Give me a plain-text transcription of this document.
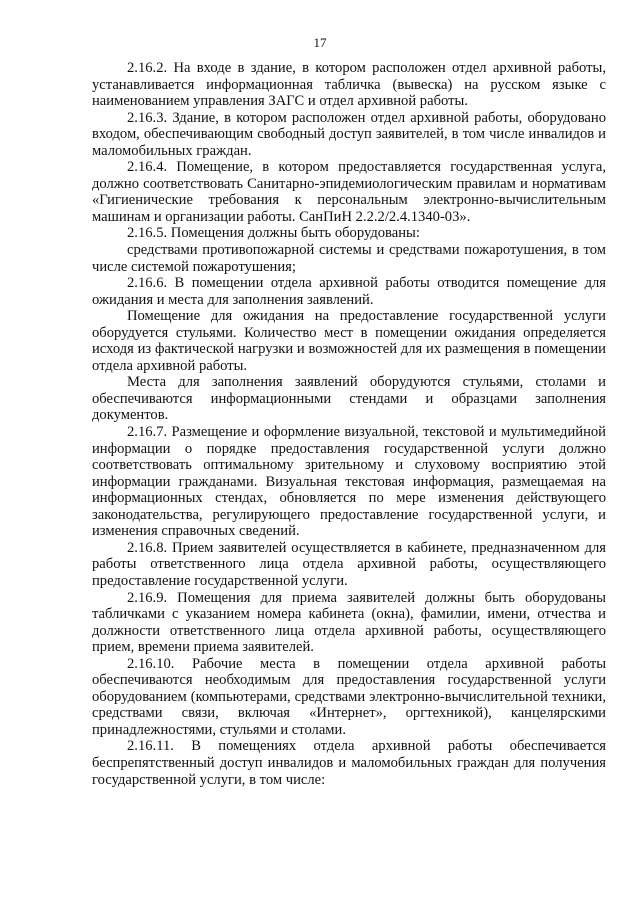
17

2.16.2. На входе в здание, в котором расположен отдел архивной работы, устанавливается информационная табличка (вывеска) на русском языке с наименованием управления ЗАГС и отдел архивной работы.

2.16.3. Здание, в котором расположен отдел архивной работы, оборудовано входом, обеспечивающим свободный доступ заявителей, в том числе инвалидов и маломобильных граждан.

2.16.4. Помещение, в котором предоставляется государственная услуга, должно соответствовать Санитарно-эпидемиологическим правилам и нормативам «Гигиенические требования к персональным электронно-вычислительным машинам и организации работы. СанПиН 2.2.2/2.4.1340-03».

2.16.5. Помещения должны быть оборудованы:

средствами противопожарной системы и средствами пожаротушения, в том числе системой пожаротушения;

2.16.6. В помещении отдела архивной работы отводится помещение для ожидания и места для заполнения заявлений.

Помещение для ожидания на предоставление государственной услуги оборудуется стульями. Количество мест в помещении ожидания определяется исходя из фактической нагрузки и возможностей для их размещения в помещении отдела архивной работы.

Места для заполнения заявлений оборудуются стульями, столами и обеспечиваются информационными стендами и образцами заполнения документов.

2.16.7. Размещение и оформление визуальной, текстовой и мультимедийной информации о порядке предоставления государственной услуги должно соответствовать оптимальному зрительному и слуховому восприятию этой информации гражданами. Визуальная текстовая информация, размещаемая на информационных стендах, обновляется по мере изменения действующего законодательства, регулирующего предоставление государственной услуги, и изменения справочных сведений.

2.16.8. Прием заявителей осуществляется в кабинете, предназначенном для работы ответственного лица отдела архивной работы, осуществляющего предоставление государственной услуги.

2.16.9. Помещения для приема заявителей должны быть оборудованы табличками с указанием номера кабинета (окна), фамилии, имени, отчества и должности ответственного лица отдела архивной работы, осуществляющего прием, времени приема заявителей.

2.16.10. Рабочие места в помещении отдела архивной работы обеспечиваются необходимым для предоставления государственной услуги оборудованием (компьютерами, средствами электронно-вычислительной техники, средствами связи, включая «Интернет», оргтехникой), канцелярскими принадлежностями, стульями и столами.

2.16.11. В помещениях отдела архивной работы обеспечивается беспрепятственный доступ инвалидов и маломобильных граждан для получения государственной услуги, в том числе:
